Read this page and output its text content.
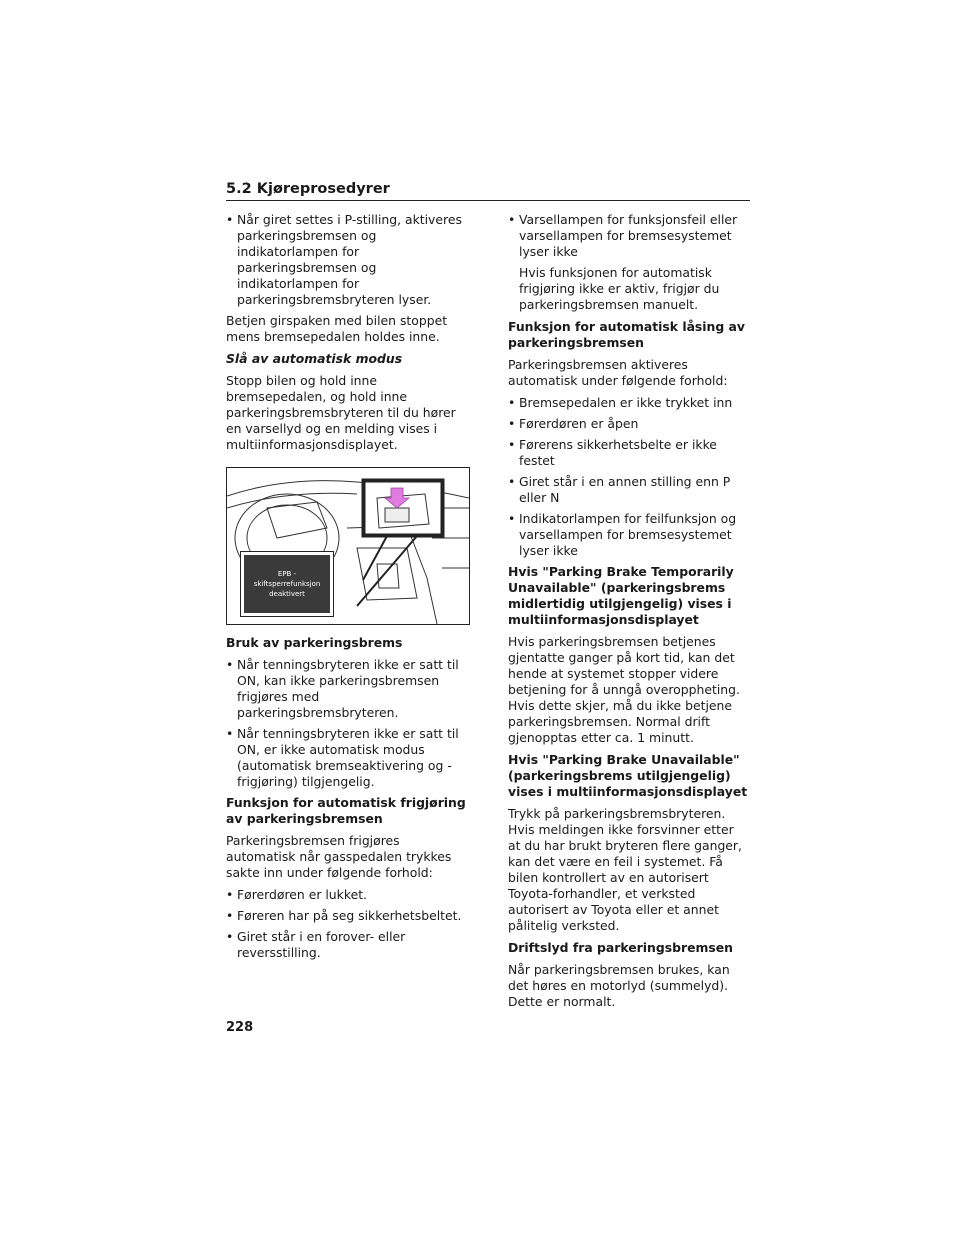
5.2 Kjøreprosedyrer
• Når giret settes i P-stilling, aktiveres parkeringsbremsen og indikatorlampen for parkeringsbremsen og indikatorlampen for parkeringsbremsbryteren lyser.
Betjen girspaken med bilen stoppet mens bremsepedalen holdes inne.
Slå av automatisk modus
Stopp bilen og hold inne bremsepedalen, og hold inne parkeringsbremsbryteren til du hører en varsellyd og en melding vises i multiinformasjonsdisplayet.
EPB -
skiftsperrefunksjon
deaktivert
Bruk av parkeringsbrems
• Når tenningsbryteren ikke er satt til ON, kan ikke parkeringsbremsen frigjøres med parkeringsbremsbryteren.
• Når tenningsbryteren ikke er satt til ON, er ikke automatisk modus (automatisk bremseaktivering og -frigjøring) tilgjengelig.
Funksjon for automatisk frigjøring av parkeringsbremsen
Parkeringsbremsen frigjøres automatisk når gasspedalen trykkes sakte inn under følgende forhold:
• Førerdøren er lukket.
• Føreren har på seg sikkerhetsbeltet.
• Giret står i en forover- eller reversstilling.
• Varsellampen for funksjonsfeil eller varsellampen for bremsesystemet lyser ikke
Hvis funksjonen for automatisk frigjøring ikke er aktiv, frigjør du parkeringsbremsen manuelt.
Funksjon for automatisk låsing av parkeringsbremsen
Parkeringsbremsen aktiveres automatisk under følgende forhold:
• Bremsepedalen er ikke trykket inn
• Førerdøren er åpen
• Førerens sikkerhetsbelte er ikke festet
• Giret står i en annen stilling enn P eller N
• Indikatorlampen for feilfunksjon og varsellampen for bremsesystemet lyser ikke
Hvis "Parking Brake Temporarily Unavailable" (parkeringsbrems midlertidig utilgjengelig) vises i multiinformasjonsdisplayet
Hvis parkeringsbremsen betjenes gjentatte ganger på kort tid, kan det hende at systemet stopper videre betjening for å unngå overoppheting. Hvis dette skjer, må du ikke betjene parkeringsbremsen. Normal drift gjenopptas etter ca. 1 minutt.
Hvis "Parking Brake Unavailable" (parkeringsbrems utilgjengelig) vises i multiinformasjonsdisplayet
Trykk på parkeringsbremsbryteren. Hvis meldingen ikke forsvinner etter at du har brukt bryteren flere ganger, kan det være en feil i systemet. Få bilen kontrollert av en autorisert Toyota-forhandler, et verksted autorisert av Toyota eller et annet pålitelig verksted.
Driftslyd fra parkeringsbremsen
Når parkeringsbremsen brukes, kan det høres en motorlyd (summelyd). Dette er normalt.
228
